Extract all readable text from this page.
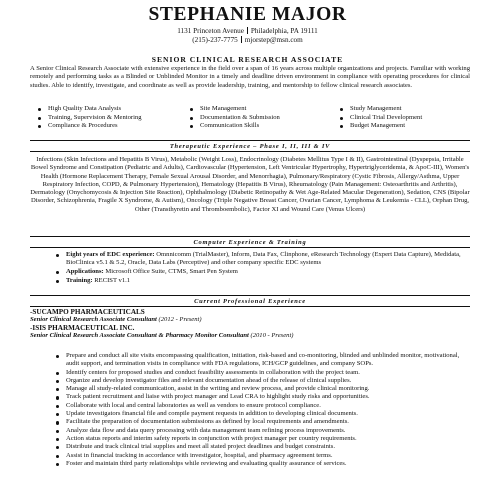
STEPHANIE MAJOR
1131 Princeton Avenue Philadelphia, PA 19111
(215)-237-7775 mjorstep@msn.com
SENIOR CLINICAL RESEARCH ASSOCIATE

A Senior Clinical Research Associate with extensive experience in the field over a span of 16 years across multiple organizations and projects. Familiar with working remotely and performing tasks as a Blinded or Unblinded Monitor in a timely and deadline driven environment in compliance with operating procedures for clinical studies. Able to identify, investigate, and coordinate as well as provide leadership, training, and mentorship to fellow clinical research associates.

High Quality Data Analysis
Training, Supervision & Mentoring
Compliance & Procedures
Site Management
Documentation & Submission
Communication Skills
Study Management
Clinical Trial Development
Budget Management
Therapeutic Experience – Phase I, II, III & IV

Infections (Skin Infections and Hepatitis B Virus), Metabolic (Weight Loss), Endocrinology (Diabetes Mellitus Type I & II), Gastrointestinal (Dyspepsia, Irritable Bowel Syndrome and Constipation (Pediatric and Adults), Cardiovascular (Hypertension, Left Ventricular Hypertrophy, Hypertriglyceridemia, & ApoC-III), Women's Health (Hormone Replacement Therapy, Female Sexual Arousal Disorder, and Menorrhagia), Pulmonary/Respiratory (Cystic Fibrosis, Allergy/Asthma, Upper Respiratory Infection, COPD, & Pulmonary Hypertension), Hematology (Hepatitis B Virus), Rheumatology (Pain Management: Osteoarthritis and Arthritis), Dermatology (Onychomycosis & Injection Site Reaction), Ophthalmology (Diabetic Retinopathy & Wet Age-Related Macular Degeneration), Sedation, CNS (Bipolar Disorder, Schizophrenia, Fragile X Syndrome, & Autism), Oncology (Triple Negative Breast Cancer, Ovarian Cancer, Lymphoma & Leukemia - CLL), Orphan Drug, Other (Transthyretin and Thromboembolic), Factor XI and Wound Care (Venus Ulcers)

Computer Experience & Training
Eight years of EDC experience: Omnnicomm (TrialMaster), Inform, Data Fax, Clinphone, eResearch Technology (Expert Data Capture), Medidata, BioClinica v5.1 & 5.2, Oracle, Data Labs (Perceptive) and other company specific EDC systems
Applications: Microsoft Office Suite, CTMS, Smart Pen System
Training: RECIST v1.1
Current Professional Experience
-SUCAMPO PHARMACEUTICALS
Senior Clinical Research Associate Consultant (2012 - Present)
-ISIS PHARMACEUTICAL INC.
Senior Clinical Research Associate Consultant & Pharmacy Monitor Consultant (2010 - Present)
Prepare and conduct all site visits encompassing qualification, initiation, risk-based and co-monitoring, blinded and unblinded monitor, motivational, audit support, and termination visits in compliance with FDA regulations, ICH/GCP guidelines, and company SOPs.
Identify centers for proposed studies and conduct feasibility assessments in collaboration with the project team.
Organize and develop investigator files and relevant documentation ahead of the release of clinical supplies.
Manage all study-related communication, assist in the writing and review process, and provide clinical monitoring.
Track patient recruitment and liaise with project manager and Lead CRA to highlight study risks and opportunities.
Collaborate with local and central laboratories as well as vendors to ensure protocol compliance.
Update investigators financial file and compile payment requests in addition to developing clinical documents.
Facilitate the preparation of documentation submissions as defined by local requirements and amendments.
Analyze data flow and data query processing with data management team refining process improvements.
Action status reports and interim safety reports in conjunction with project manager per country requirements.
Distribute and track clinical trial supplies and meet all stated project deadlines and budget constraints.
Assist in financial tracking in accordance with investigator, hospital, and pharmacy agreement terms.
Foster and maintain third party relationships while reviewing and evaluating quality assurance of services.
